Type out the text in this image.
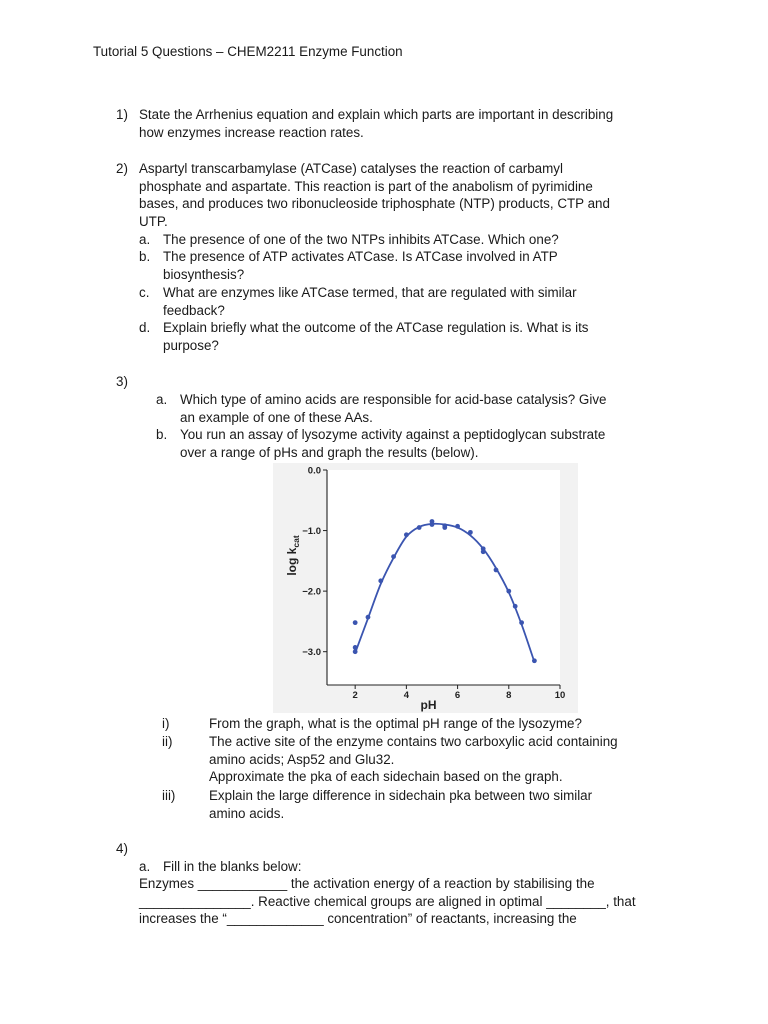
Tutorial 5 Questions – CHEM2211 Enzyme Function
1) State the Arrhenius equation and explain which parts are important in describing
how enzymes increase reaction rates.
2) Aspartyl transcarbamylase (ATCase) catalyses the reaction of carbamyl
phosphate and aspartate. This reaction is part of the anabolism of pyrimidine
bases, and produces two ribonucleoside triphosphate (NTP) products, CTP and
UTP.
a. The presence of one of the two NTPs inhibits ATCase. Which one?
b. The presence of ATP activates ATCase. Is ATCase involved in ATP
biosynthesis?
c. What are enzymes like ATCase termed, that are regulated with similar
feedback?
d. Explain briefly what the outcome of the ATCase regulation is. What is its
purpose?
3)
a. Which type of amino acids are responsible for acid-base catalysis? Give
an example of one of these AAs.
b. You run an assay of lysozyme activity against a peptidoglycan substrate
over a range of pHs and graph the results (below).
i)	From the graph, what is the optimal pH range of the lysozyme?
ii)	The active site of the enzyme contains two carboxylic acid containing
amino acids; Asp52 and Glu32.
Approximate the pka of each sidechain based on the graph.
iii)	Explain the large difference in sidechain pka between two similar
amino acids.
4)
a. Fill in the blanks below:
Enzymes ____________ the activation energy of a reaction by stabilising the
_______________. Reactive chemical groups are aligned in optimal ________, that
increases the “_____________ concentration” of reactants, increasing the
0.0
−1.0
−2.0
−3.0
2	4	6	8	10
pH
$\log k_{cat}$
